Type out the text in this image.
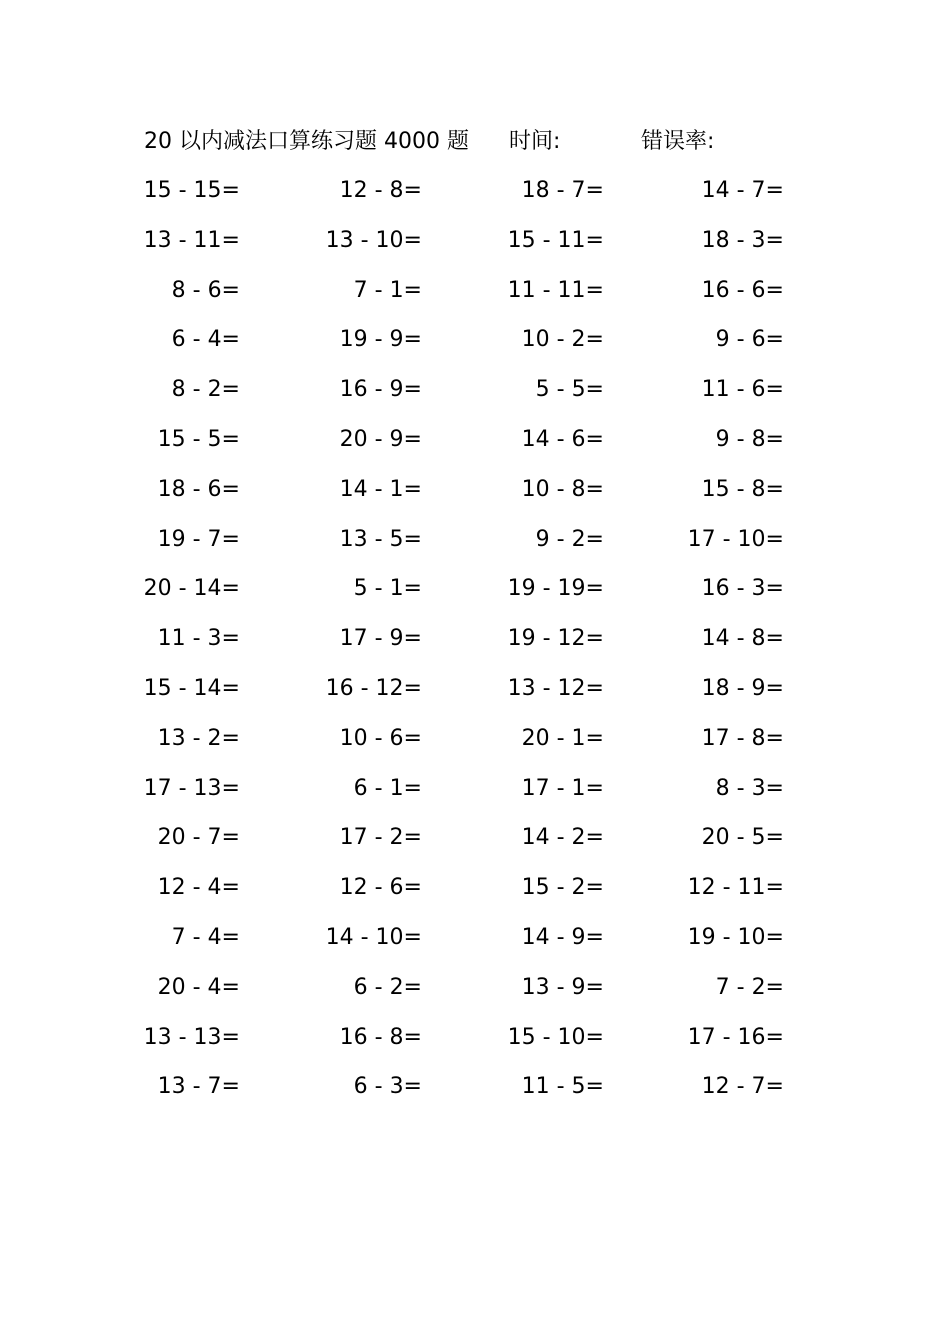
20 以内减法口算练习题 4000 题 时间:	错误率:
15 - 15=	12 - 8=	18 - 7=	14 - 7=
13 - 11=	13 - 10=	15 - 11=	18 - 3=
8 - 6=	7 - 1=	11 - 11=	16 - 6=
6 - 4=	19 - 9=	10 - 2=	9 - 6=
8 - 2=	16 - 9=	5 - 5=	11 - 6=
15 - 5=	20 - 9=	14 - 6=	9 - 8=
18 - 6=	14 - 1=	10 - 8=	15 - 8=
19 - 7=	13 - 5=	9 - 2=	17 - 10=
20 - 14=	5 - 1=	19 - 19=	16 - 3=
11 - 3=	17 - 9=	19 - 12=	14 - 8=
15 - 14=	16 - 12=	13 - 12=	18 - 9=
13 - 2=	10 - 6=	20 - 1=	17 - 8=
17 - 13=	6 - 1=	17 - 1=	8 - 3=
20 - 7=	17 - 2=	14 - 2=	20 - 5=
12 - 4=	12 - 6=	15 - 2=	12 - 11=
7 - 4=	14 - 10=	14 - 9=	19 - 10=
20 - 4=	6 - 2=	13 - 9=	7 - 2=
13 - 13=	16 - 8=	15 - 10=	17 - 16=
13 - 7=	6 - 3=	11 - 5=	12 - 7=
